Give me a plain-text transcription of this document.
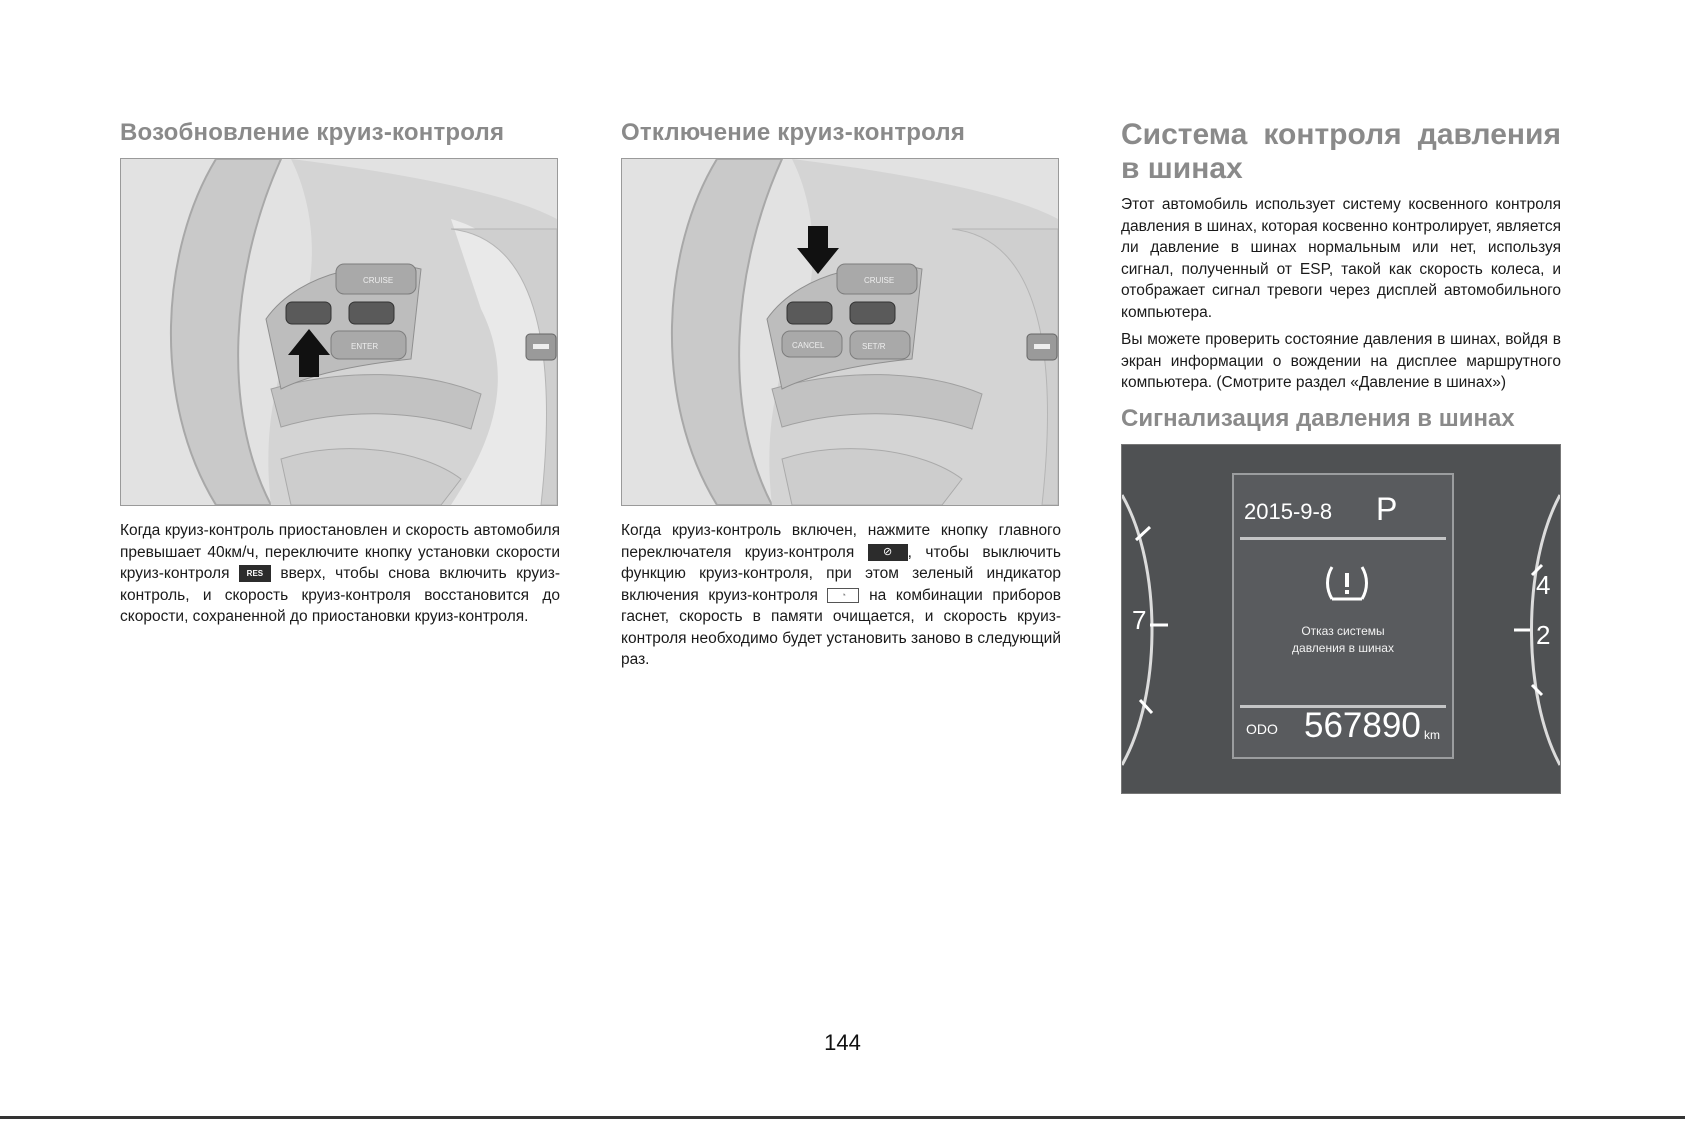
Возобновление круиз-контроля
CRUISE
ENTER

Когда круиз-контроль приостановлен и скорость автомобиля превышает 40км/ч, переключите кнопку установки скорости круиз-контроля RES вверх, чтобы снова включить круиз-контроль, и скорость круиз-контроля восстановится до скорости, сохраненной до приостановки круиз-контроля.

Отключение круиз-контроля
CRUISE
CANCEL	SET/R

Когда круиз-контроль включен, нажмите кнопку главного переключателя круиз-контроля	⊘ , чтобы выключить функцию круиз-контроля, при этом зеленый индикатор включения круиз-контроля	◔ на комбинации приборов гаснет, скорость в памяти очищается, и скорость круиз-контроля необходимо будет установить заново в следующий раз.

Система контроля давления
в шинах

Этот автомобиль использует систему косвенного контроля давления в шинах, которая косвенно контролирует, является ли давление в шинах нормальным или нет, используя сигнал, полученный от ESP, такой как скорость колеса, и отображает сигнал тревоги через дисплей автомобильного компьютера.

Вы можете проверить состояние давления в шинах, войдя в экран информации о вождении на дисплее маршрутного компьютера. (Смотрите раздел «Давление в шинах»)

Сигнализация давления в шинах
7
4
2
2015-9-8 P
Отказ системы
давления в шинах
ODO 567890 km
144
